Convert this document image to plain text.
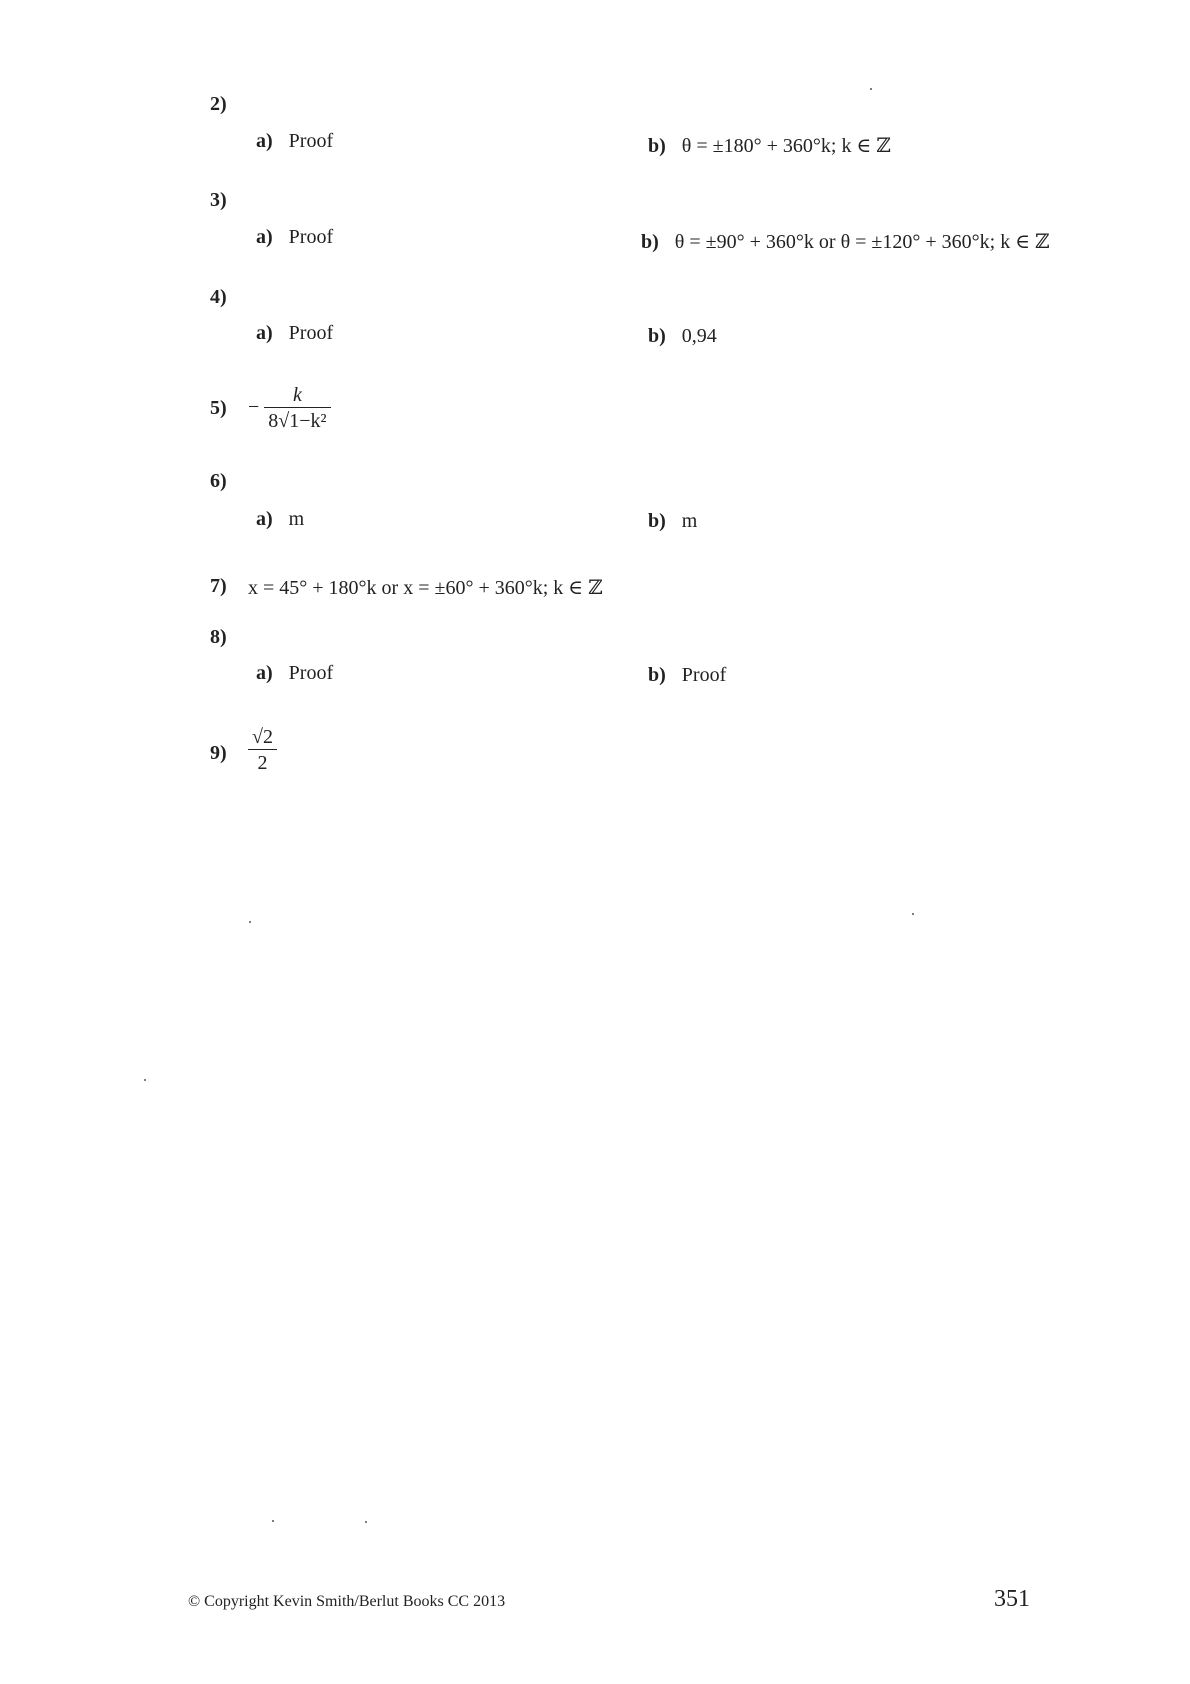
2)
a) Proof	b) θ = ±180° + 360°k; k ∈ ℤ
3)
a) Proof	b) θ = ±90° + 360°k or θ = ±120° + 360°k; k ∈ ℤ
4)
a) Proof	b) 0,94
$5) - \frac{k}{\text{8√1−k²}}$
6)
a) m	b) m
7) x = 45° + 180°k or x = ±60° + 360°k; k ∈ ℤ
8)
a) Proof	b) Proof
$9) \frac{√2}{2}$
© Copyright Kevin Smith/Berlut Books CC 2013	351
